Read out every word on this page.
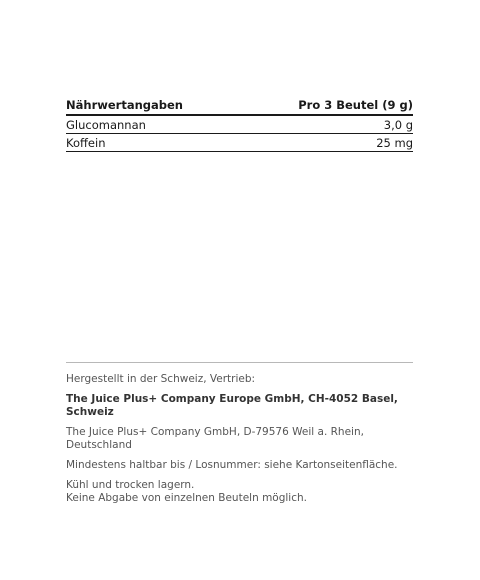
Nährwertangaben	Pro 3 Beutel (9 g)
Glucomannan	3,0 g
Koffein	25 mg

Hergestellt in der Schweiz, Vertrieb:

The Juice Plus+ Company Europe GmbH, CH-4052 Basel, Schweiz

The Juice Plus+ Company GmbH, D-79576 Weil a. Rhein, Deutschland

Mindestens haltbar bis / Losnummer: siehe Kartonseitenfläche.

Kühl und trocken lagern.

Keine Abgabe von einzelnen Beuteln möglich.
